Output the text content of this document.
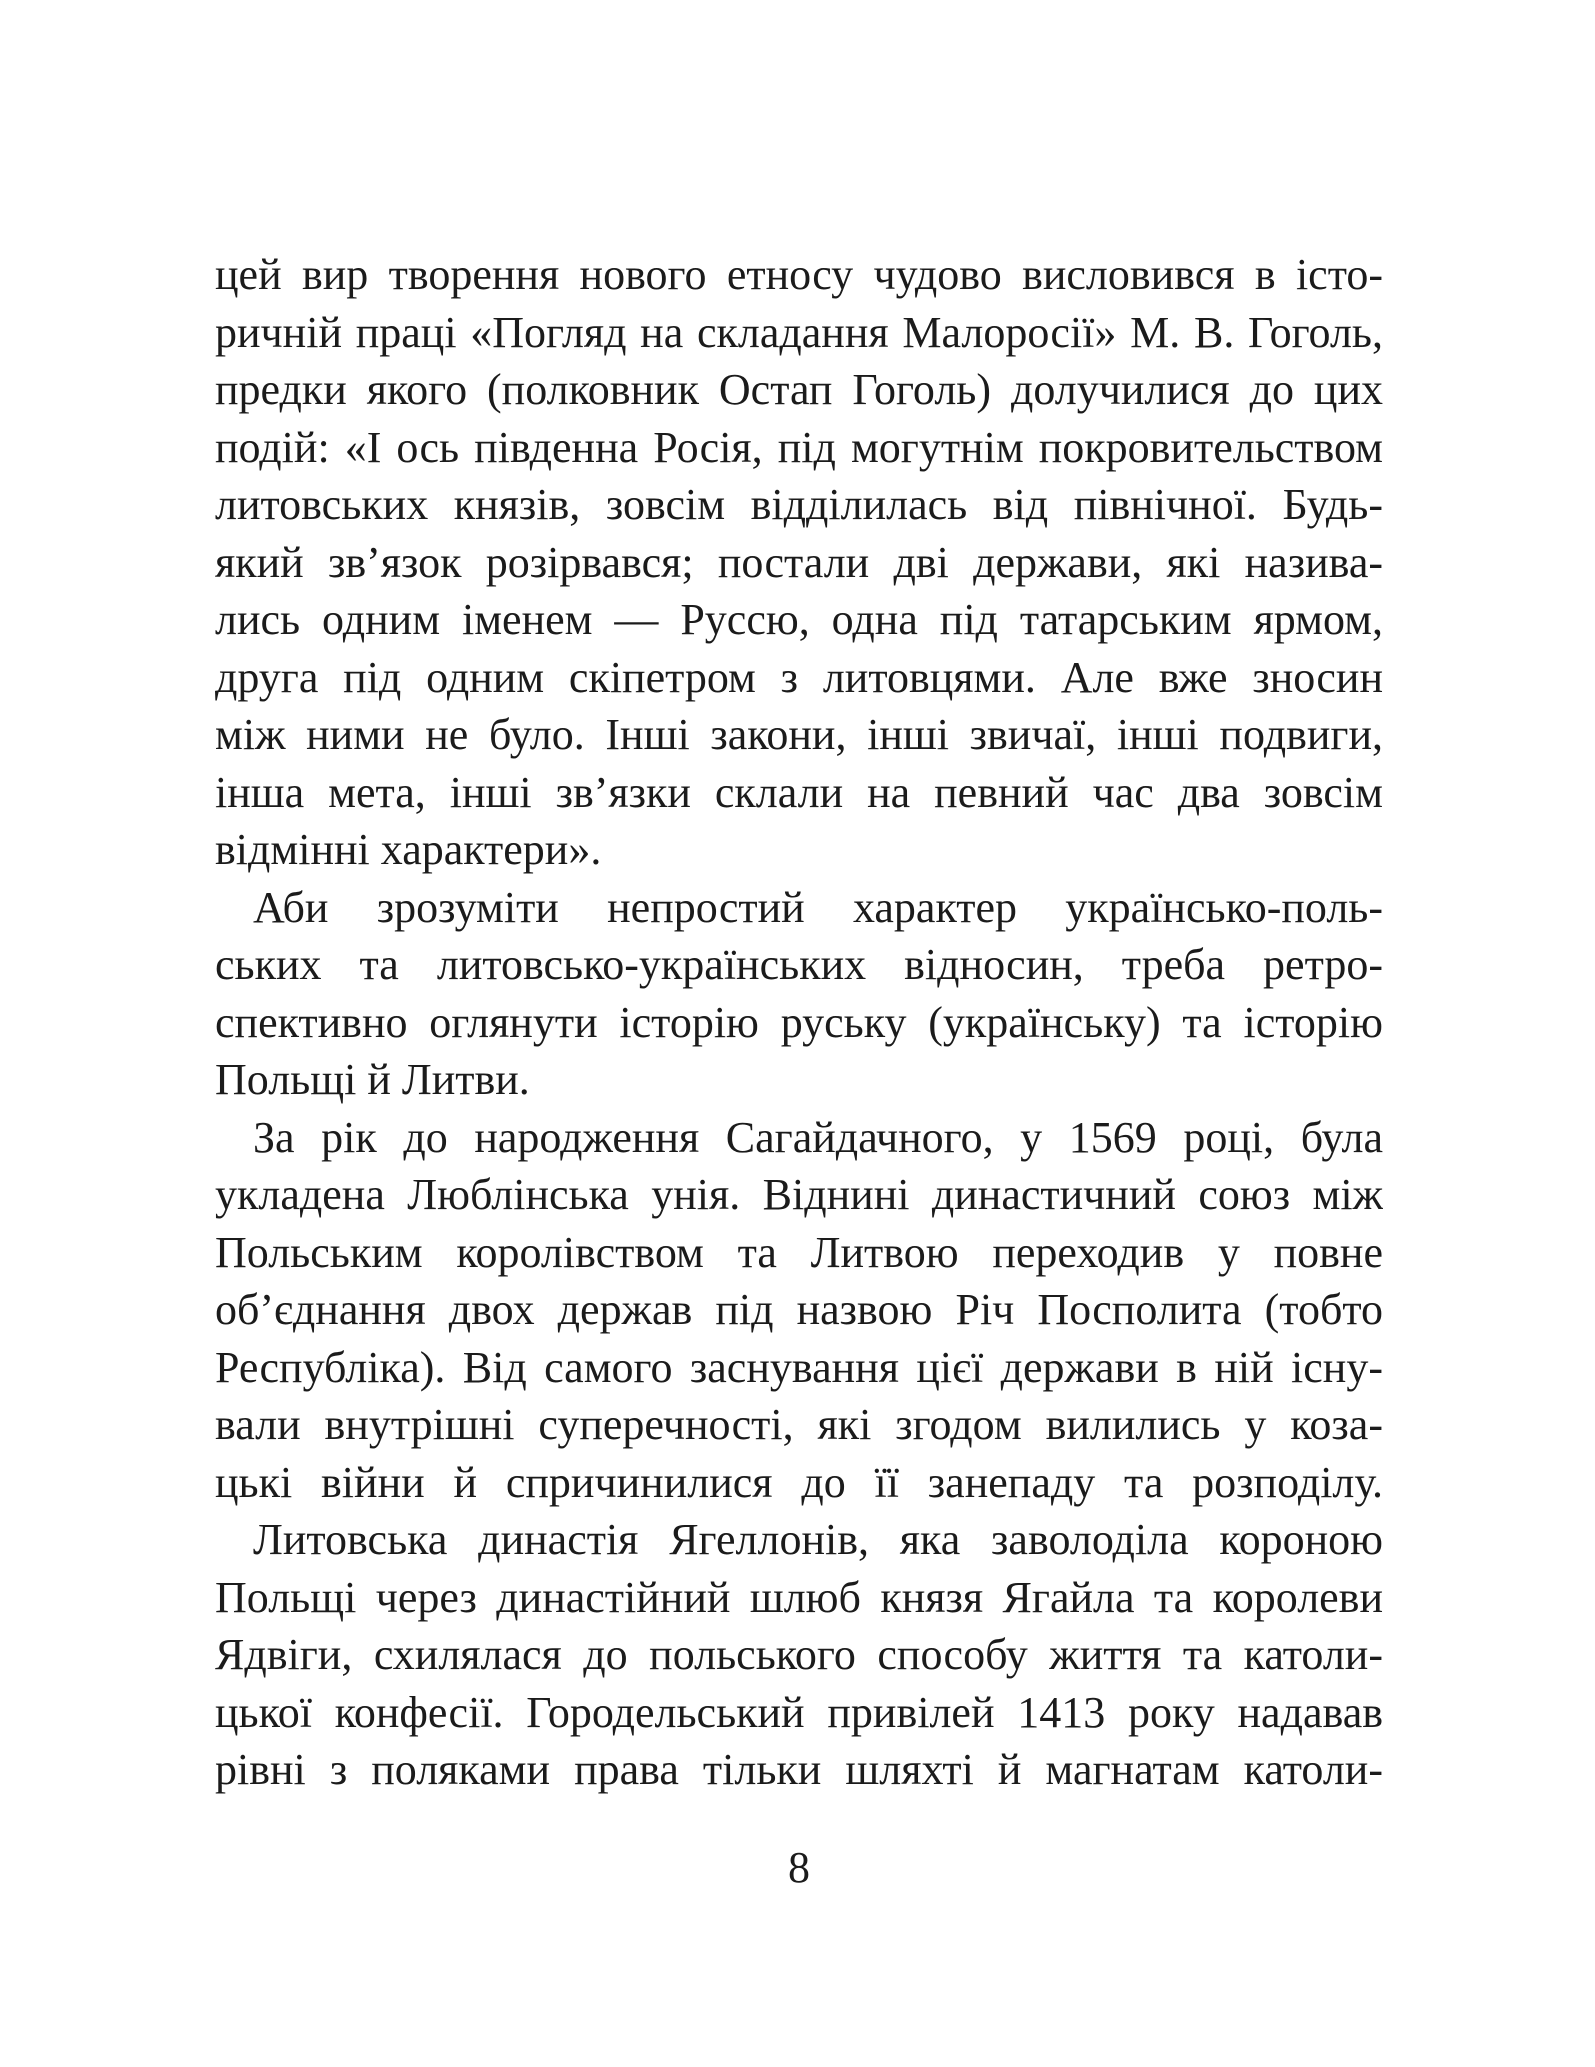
цей вир творення нового етносу чудово висловився в істо-
ричній праці «Погляд на складання Малоросії» М. В. Гоголь,
предки якого (полковник Остап Гоголь) долучилися до цих
подій: «І ось південна Росія, під могутнім покровительством
литовських князів, зовсім відділилась від північної. Будь-
який зв’язок розірвався; постали дві держави, які назива-
лись одним іменем — Руссю, одна під татарським ярмом,
друга під одним скіпетром з литовцями. Але вже зносин
між ними не було. Інші закони, інші звичаї, інші подвиги,
інша мета, інші зв’язки склали на певний час два зовсім
відмінні характери».
Аби зрозуміти непростий характер українсько-поль-
ських та литовсько-українських відносин, треба ретро-
спективно оглянути історію руську (українську) та історію
Польщі й Литви.
За рік до народження Сагайдачного, у 1569 році, була
укладена Люблінська унія. Віднині династичний союз між
Польським королівством та Литвою переходив у повне
об’єднання двох держав під назвою Річ Посполита (тобто
Республіка). Від самого заснування цієї держави в ній існу-
вали внутрішні суперечності, які згодом вилились у коза-
цькі війни й спричинилися до її занепаду та розподілу.
Литовська династія Ягеллонів, яка заволоділа короною
Польщі через династійний шлюб князя Ягайла та королеви
Ядвіги, схилялася до польського способу життя та католи-
цької конфесії. Городельський привілей 1413 року надавав
рівні з поляками права тільки шляхті й магнатам католи-
8
